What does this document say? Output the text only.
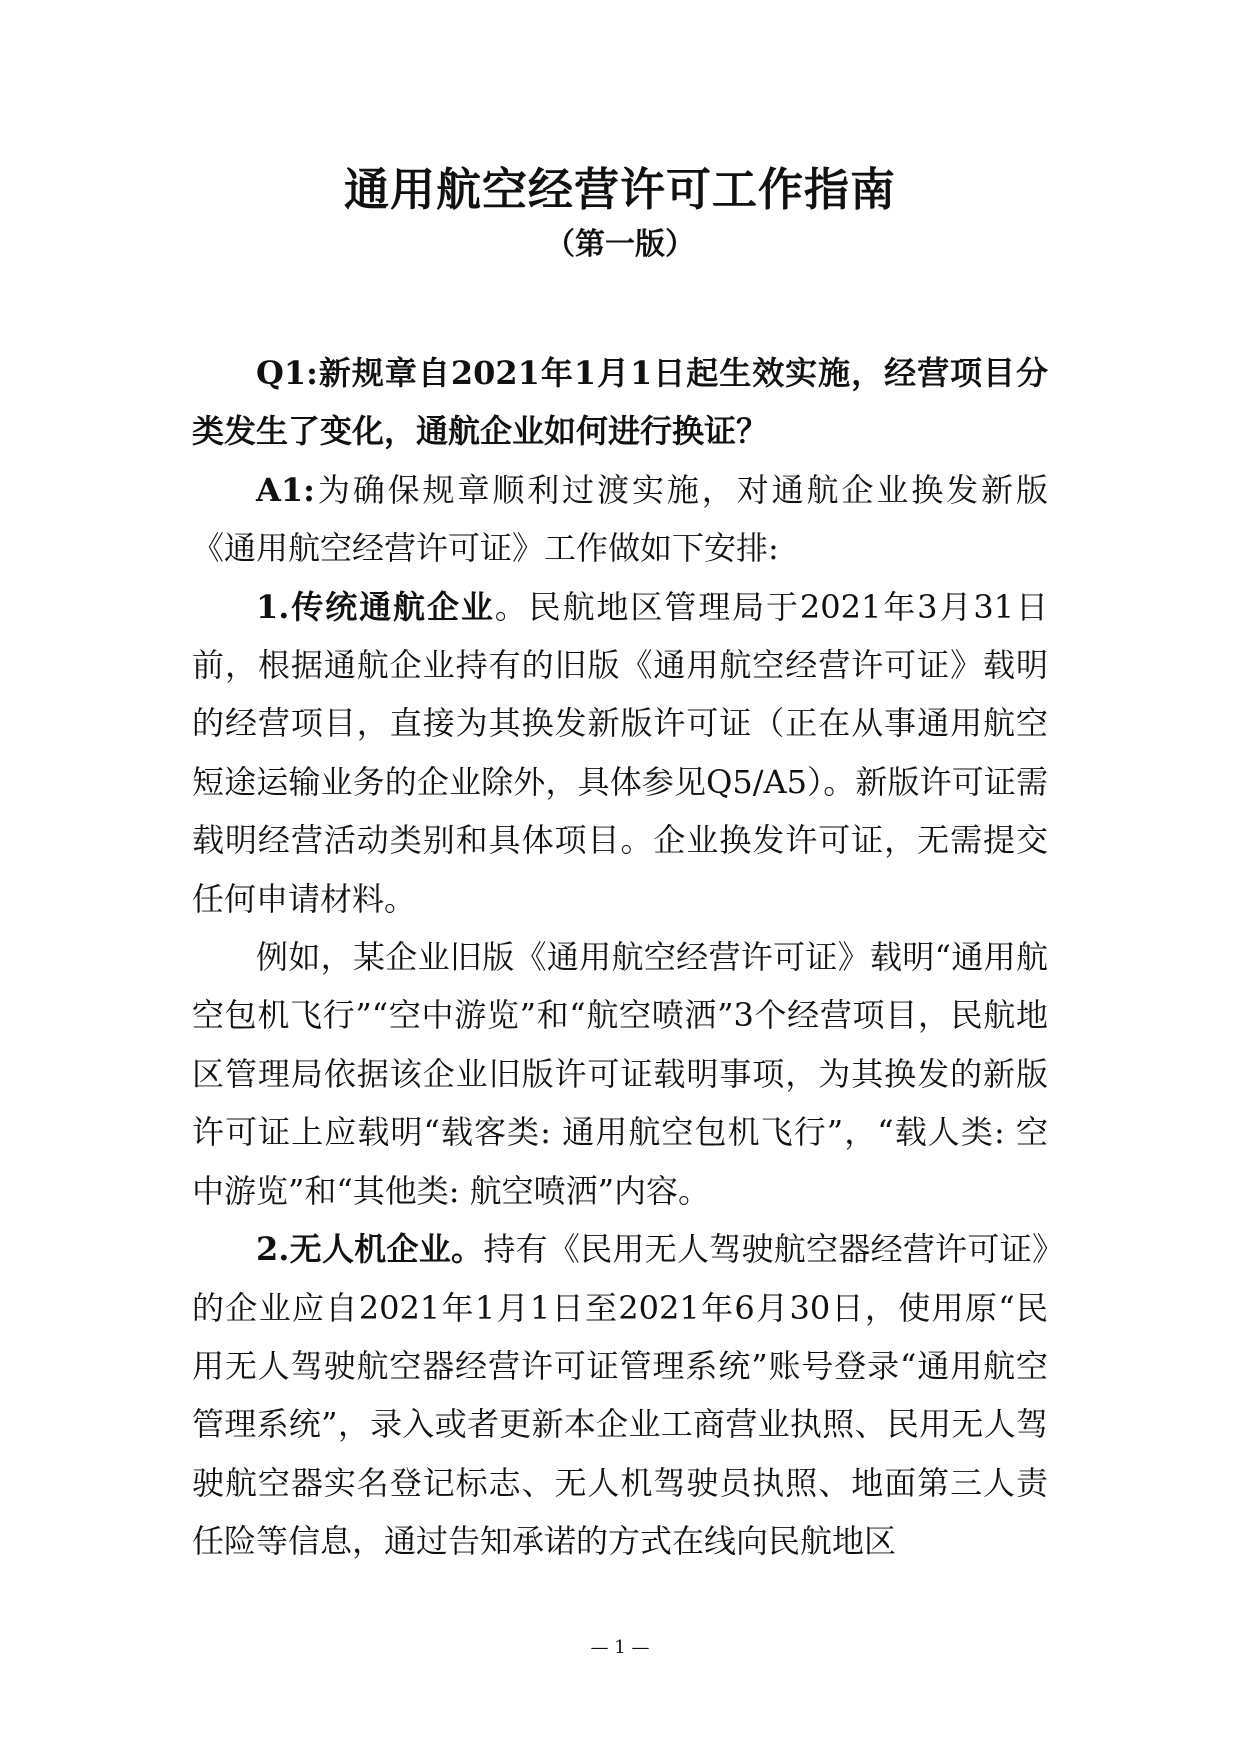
通用航空经营许可工作指南
（第一版）

Q1:新规章自2021年1月1日起生效实施，经营项目分类发生了变化，通航企业如何进行换证？

A1:为确保规章顺利过渡实施，对通航企业换发新版《通用航空经营许可证》工作做如下安排:

1.传统通航企业。民航地区管理局于2021年3月31日前，根据通航企业持有的旧版《通用航空经营许可证》载明的经营项目，直接为其换发新版许可证（正在从事通用航空短途运输业务的企业除外，具体参见Q5/A5）。新版许可证需载明经营活动类别和具体项目。企业换发许可证，无需提交任何申请材料。

例如，某企业旧版《通用航空经营许可证》载明“通用航空包机飞行”“空中游览”和“航空喷洒”3个经营项目，民航地区管理局依据该企业旧版许可证载明事项，为其换发的新版许可证上应载明“载客类: 通用航空包机飞行”，“载人类: 空中游览”和“其他类: 航空喷洒”内容。

2.无人机企业。持有《民用无人驾驶航空器经营许可证》的企业应自2021年1月1日至2021年6月30日，使用原“民用无人驾驶航空器经营许可证管理系统”账号登录“通用航空管理系统”，录入或者更新本企业工商营业执照、民用无人驾驶航空器实名登记标志、无人机驾驶员执照、地面第三人责任险等信息，通过告知承诺的方式在线向民航地区

— 1 —
